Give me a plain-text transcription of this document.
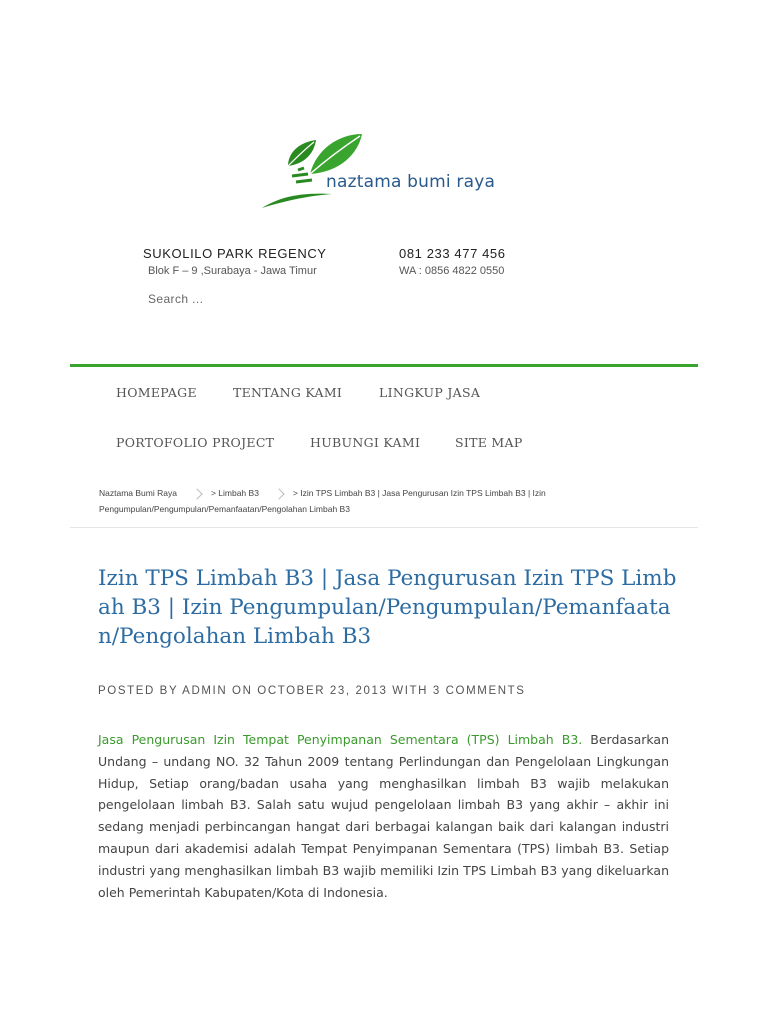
naztama bumi raya
SUKOLILO PARK REGENCY
Blok F – 9 ,Surabaya - Jawa Timur
081 233 477 456
WA : 0856 4822 0550
Search ...
HOMEPAGE	TENTANG KAMI	LINGKUP JASA
PORTOFOLIO PROJECT	HUBUNGI KAMI	SITE MAP
Naztama Bumi Raya	> Limbah B3	> Izin TPS Limbah B3 | Jasa Pengurusan Izin TPS Limbah B3 | Izin Pengumpulan/Pengumpulan/Pemanfaatan/Pengolahan Limbah B3
Izin TPS Limbah B3 | Jasa Pengurusan Izin TPS Limbah B3 | Izin Pengumpulan/Pengumpulan/Pemanfaatan/Pengolahan Limbah B3
POSTED BY ADMIN ON OCTOBER 23, 2013 WITH 3 COMMENTS

Jasa Pengurusan Izin Tempat Penyimpanan Sementara (TPS) Limbah B3. Berdasarkan Undang – undang NO. 32 Tahun 2009 tentang Perlindungan dan Pengelolaan Lingkungan Hidup, Setiap orang/badan usaha yang menghasilkan limbah B3 wajib melakukan pengelolaan limbah B3. Salah satu wujud pengelolaan limbah B3 yang akhir – akhir ini sedang menjadi perbincangan hangat dari berbagai kalangan baik dari kalangan industri maupun dari akademisi adalah Tempat Penyimpanan Sementara (TPS) limbah B3. Setiap industri yang menghasilkan limbah B3 wajib memiliki Izin TPS Limbah B3 yang dikeluarkan oleh Pemerintah Kabupaten/Kota di Indonesia.
